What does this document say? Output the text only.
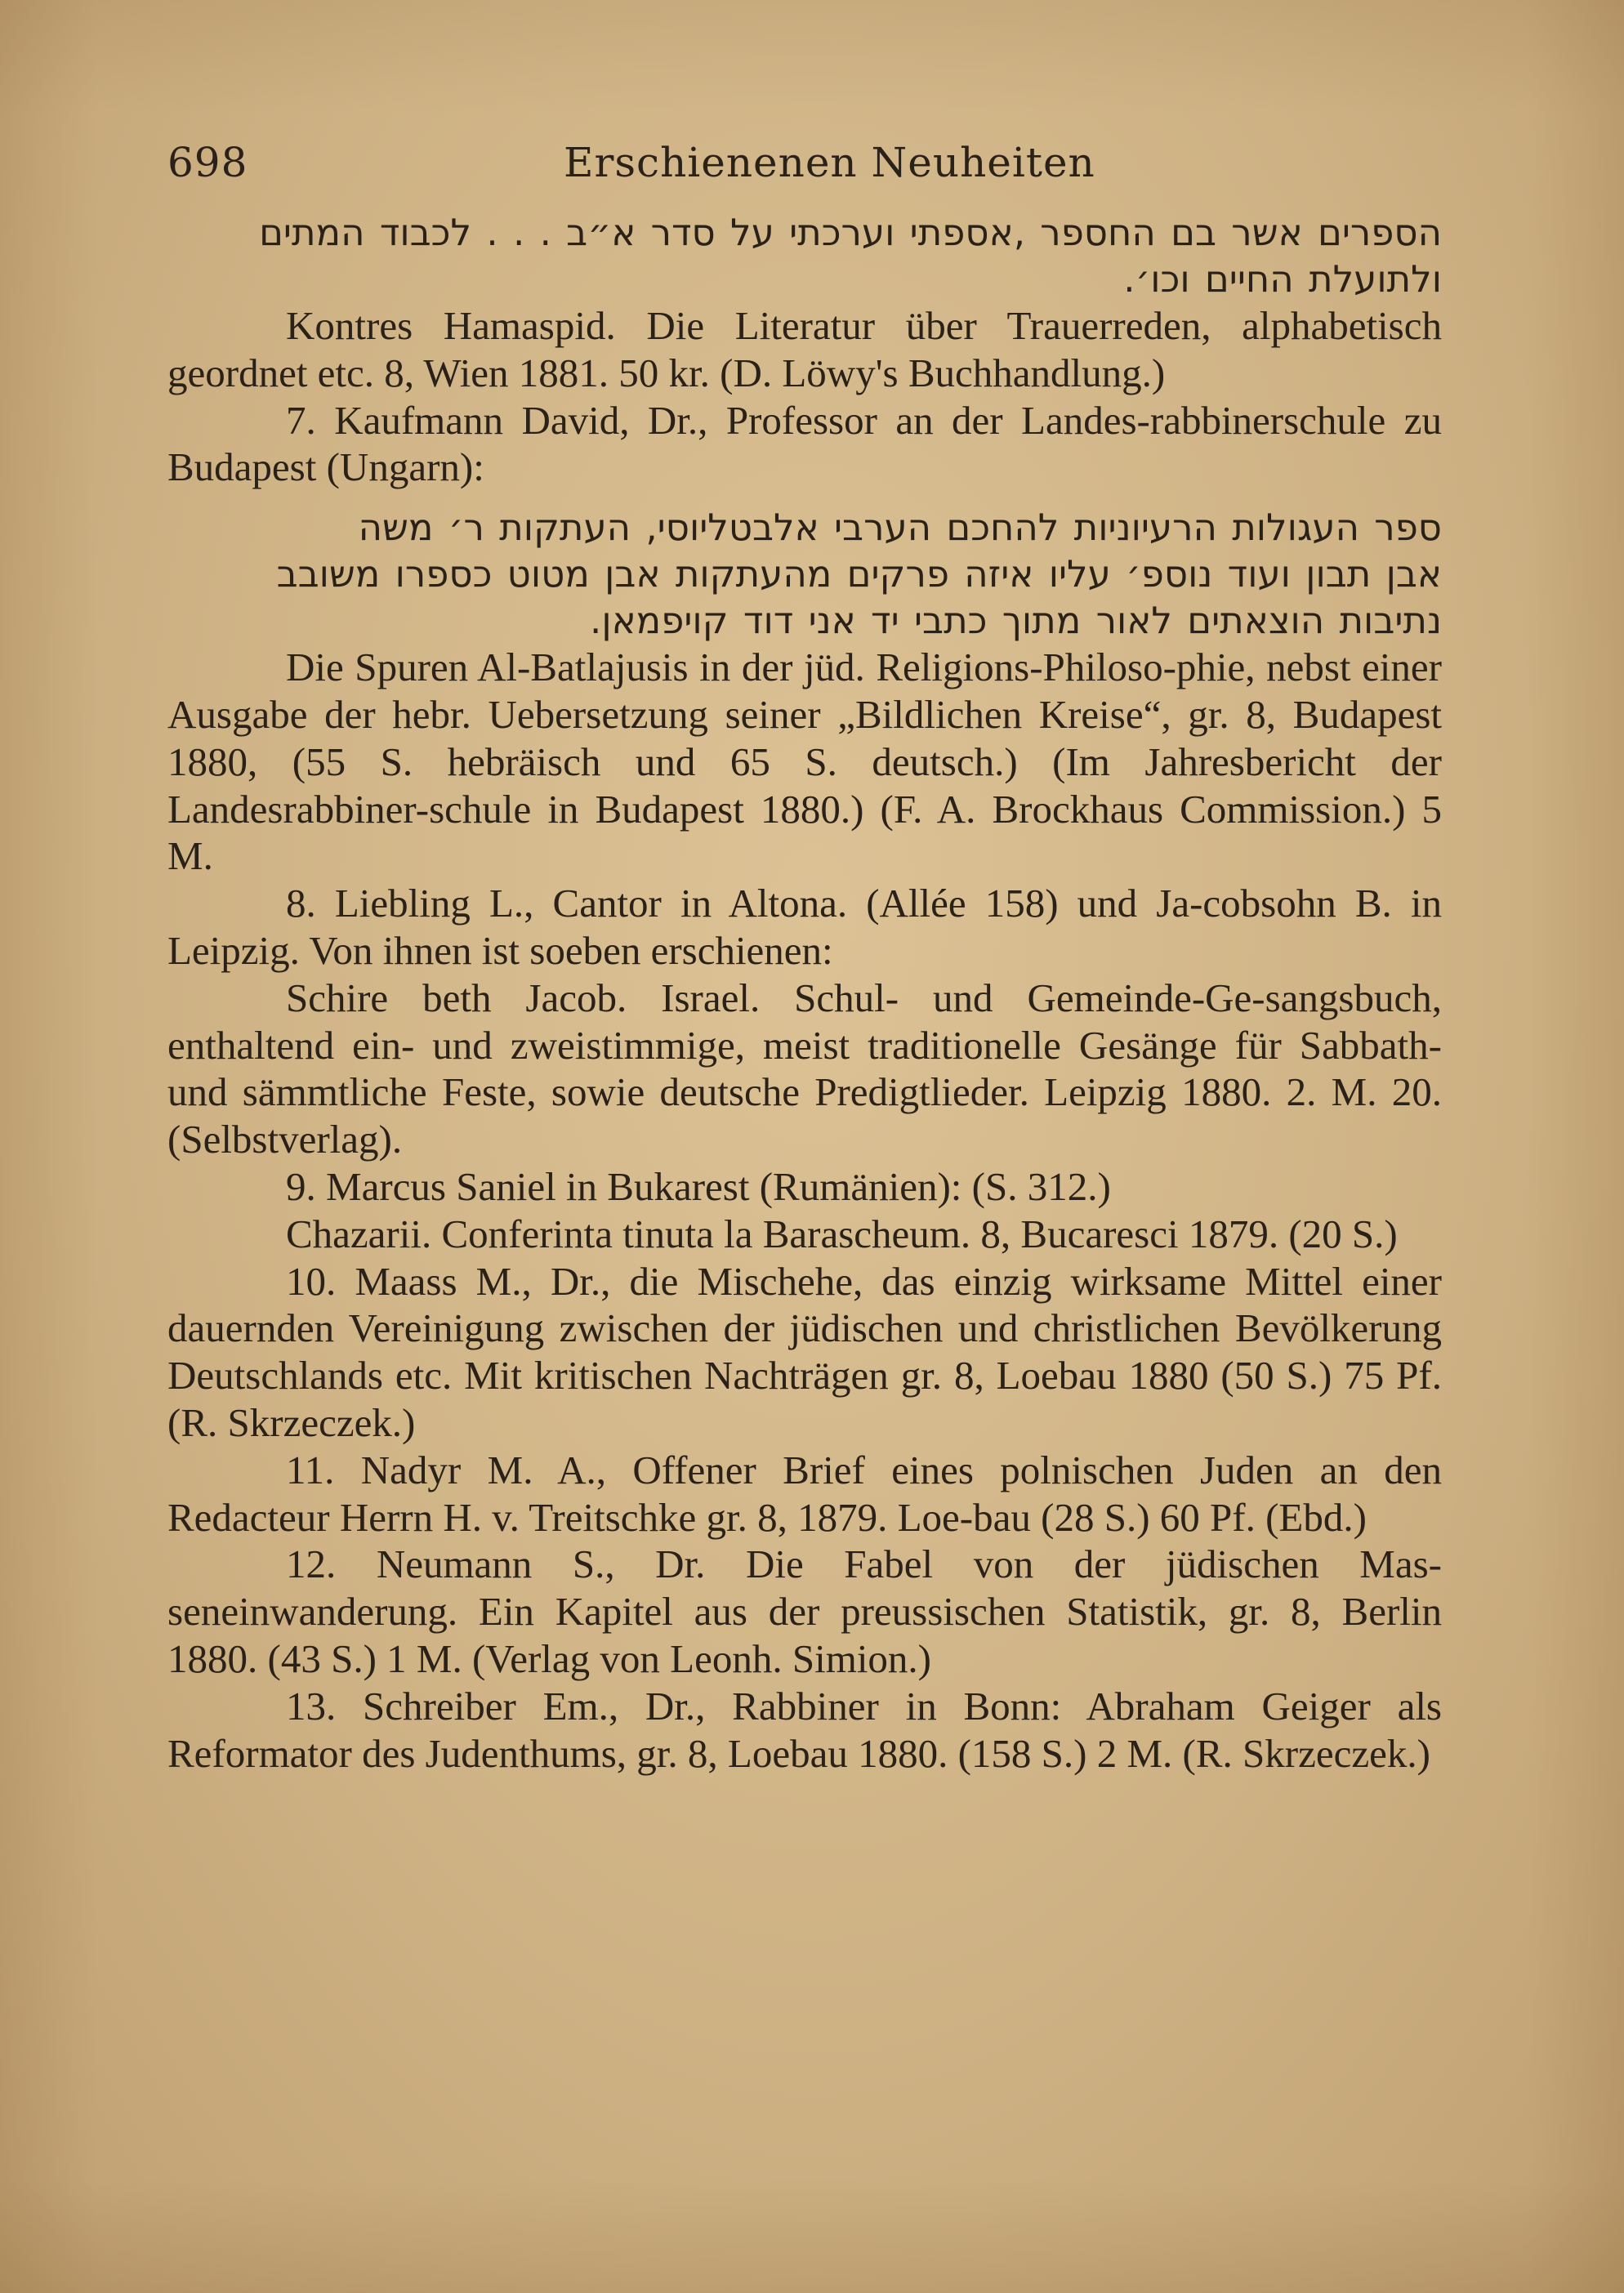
698	Erschienenen Neuheiten

הספרים אשר בם החספר ,אספתי וערכתי על סדר א״ב . . . לכבוד המתים

ולתועלת החיים וכו׳.

Kontres Hamaspid. Die Literatur über Trauerreden, alphabetisch geordnet etc. 8, Wien 1881. 50 kr. (D. Löwy's Buchhandlung.)

7. Kaufmann David, Dr., Professor an der Landes-rabbinerschule zu Budapest (Ungarn):

ספר העגולות הרעיוניות להחכם הערבי אלבטליוסי, העתקות ר׳ משה

אבן תבון ועוד נוספ׳ עליו איזה פרקים מהעתקות אבן מטוט כספרו משובב

נתיבות הוצאתים לאור מתוך כתבי יד אני דוד קויפמאן.

Die Spuren Al-Batlajusis in der jüd. Religions-Philoso-phie, nebst einer Ausgabe der hebr. Uebersetzung seiner „Bildlichen Kreise“, gr. 8, Budapest 1880, (55 S. hebräisch und 65 S. deutsch.) (Im Jahresbericht der Landesrabbiner-schule in Budapest 1880.) (F. A. Brockhaus Commission.) 5 M.

8. Liebling L., Cantor in Altona. (Allée 158) und Ja-cobsohn B. in Leipzig. Von ihnen ist soeben erschienen:

Schire beth Jacob. Israel. Schul- und Gemeinde-Ge-sangsbuch, enthaltend ein- und zweistimmige, meist traditionelle Gesänge für Sabbath- und sämmtliche Feste, sowie deutsche Predigtlieder. Leipzig 1880. 2. M. 20. (Selbstverlag).

9. Marcus Saniel in Bukarest (Rumänien): (S. 312.)

Chazarii. Conferinta tinuta la Barascheum. 8, Bucaresci 1879. (20 S.)

10. Maass M., Dr., die Mischehe, das einzig wirksame Mittel einer dauernden Vereinigung zwischen der jüdischen und christlichen Bevölkerung Deutschlands etc. Mit kritischen Nachträgen gr. 8, Loebau 1880 (50 S.) 75 Pf. (R. Skrzeczek.)

11. Nadyr M. A., Offener Brief eines polnischen Juden an den Redacteur Herrn H. v. Treitschke gr. 8, 1879. Loe-bau (28 S.) 60 Pf. (Ebd.)

12. Neumann S., Dr. Die Fabel von der jüdischen Mas-seneinwanderung. Ein Kapitel aus der preussischen Statistik, gr. 8, Berlin 1880. (43 S.) 1 M. (Verlag von Leonh. Simion.)

13. Schreiber Em., Dr., Rabbiner in Bonn: Abraham Geiger als Reformator des Judenthums, gr. 8, Loebau 1880. (158 S.) 2 M. (R. Skrzeczek.)
